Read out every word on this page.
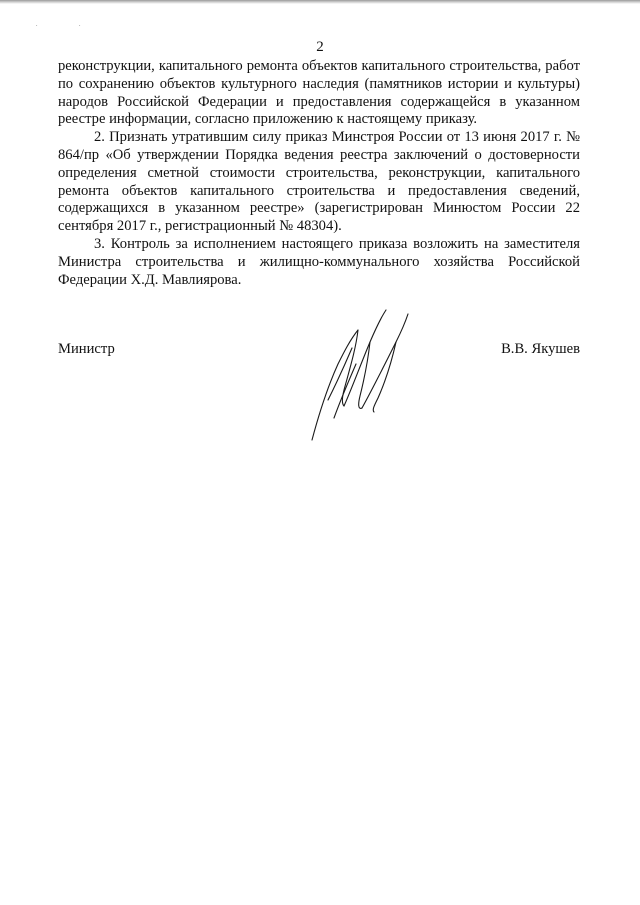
. .
2

реконструкции, капитального ремонта объектов капитального строительства, работ по сохранению объектов культурного наследия (памятников истории и культуры) народов Российской Федерации и предоставления содержащейся в указанном реестре информации, согласно приложению к настоящему приказу.

2. Признать утратившим силу приказ Минстроя России от 13 июня 2017 г. № 864/пр «Об утверждении Порядка ведения реестра заключений о достоверности определения сметной стоимости строительства, реконструкции, капитального ремонта объектов капитального строительства и предоставления сведений, содержащихся в указанном реестре» (зарегистрирован Минюстом России 22 сентября 2017 г., регистрационный № 48304).

3. Контроль за исполнением настоящего приказа возложить на заместителя Министра строительства и жилищно-коммунального хозяйства Российской Федерации Х.Д. Мавлиярова.

Министр	В.В. Якушев
